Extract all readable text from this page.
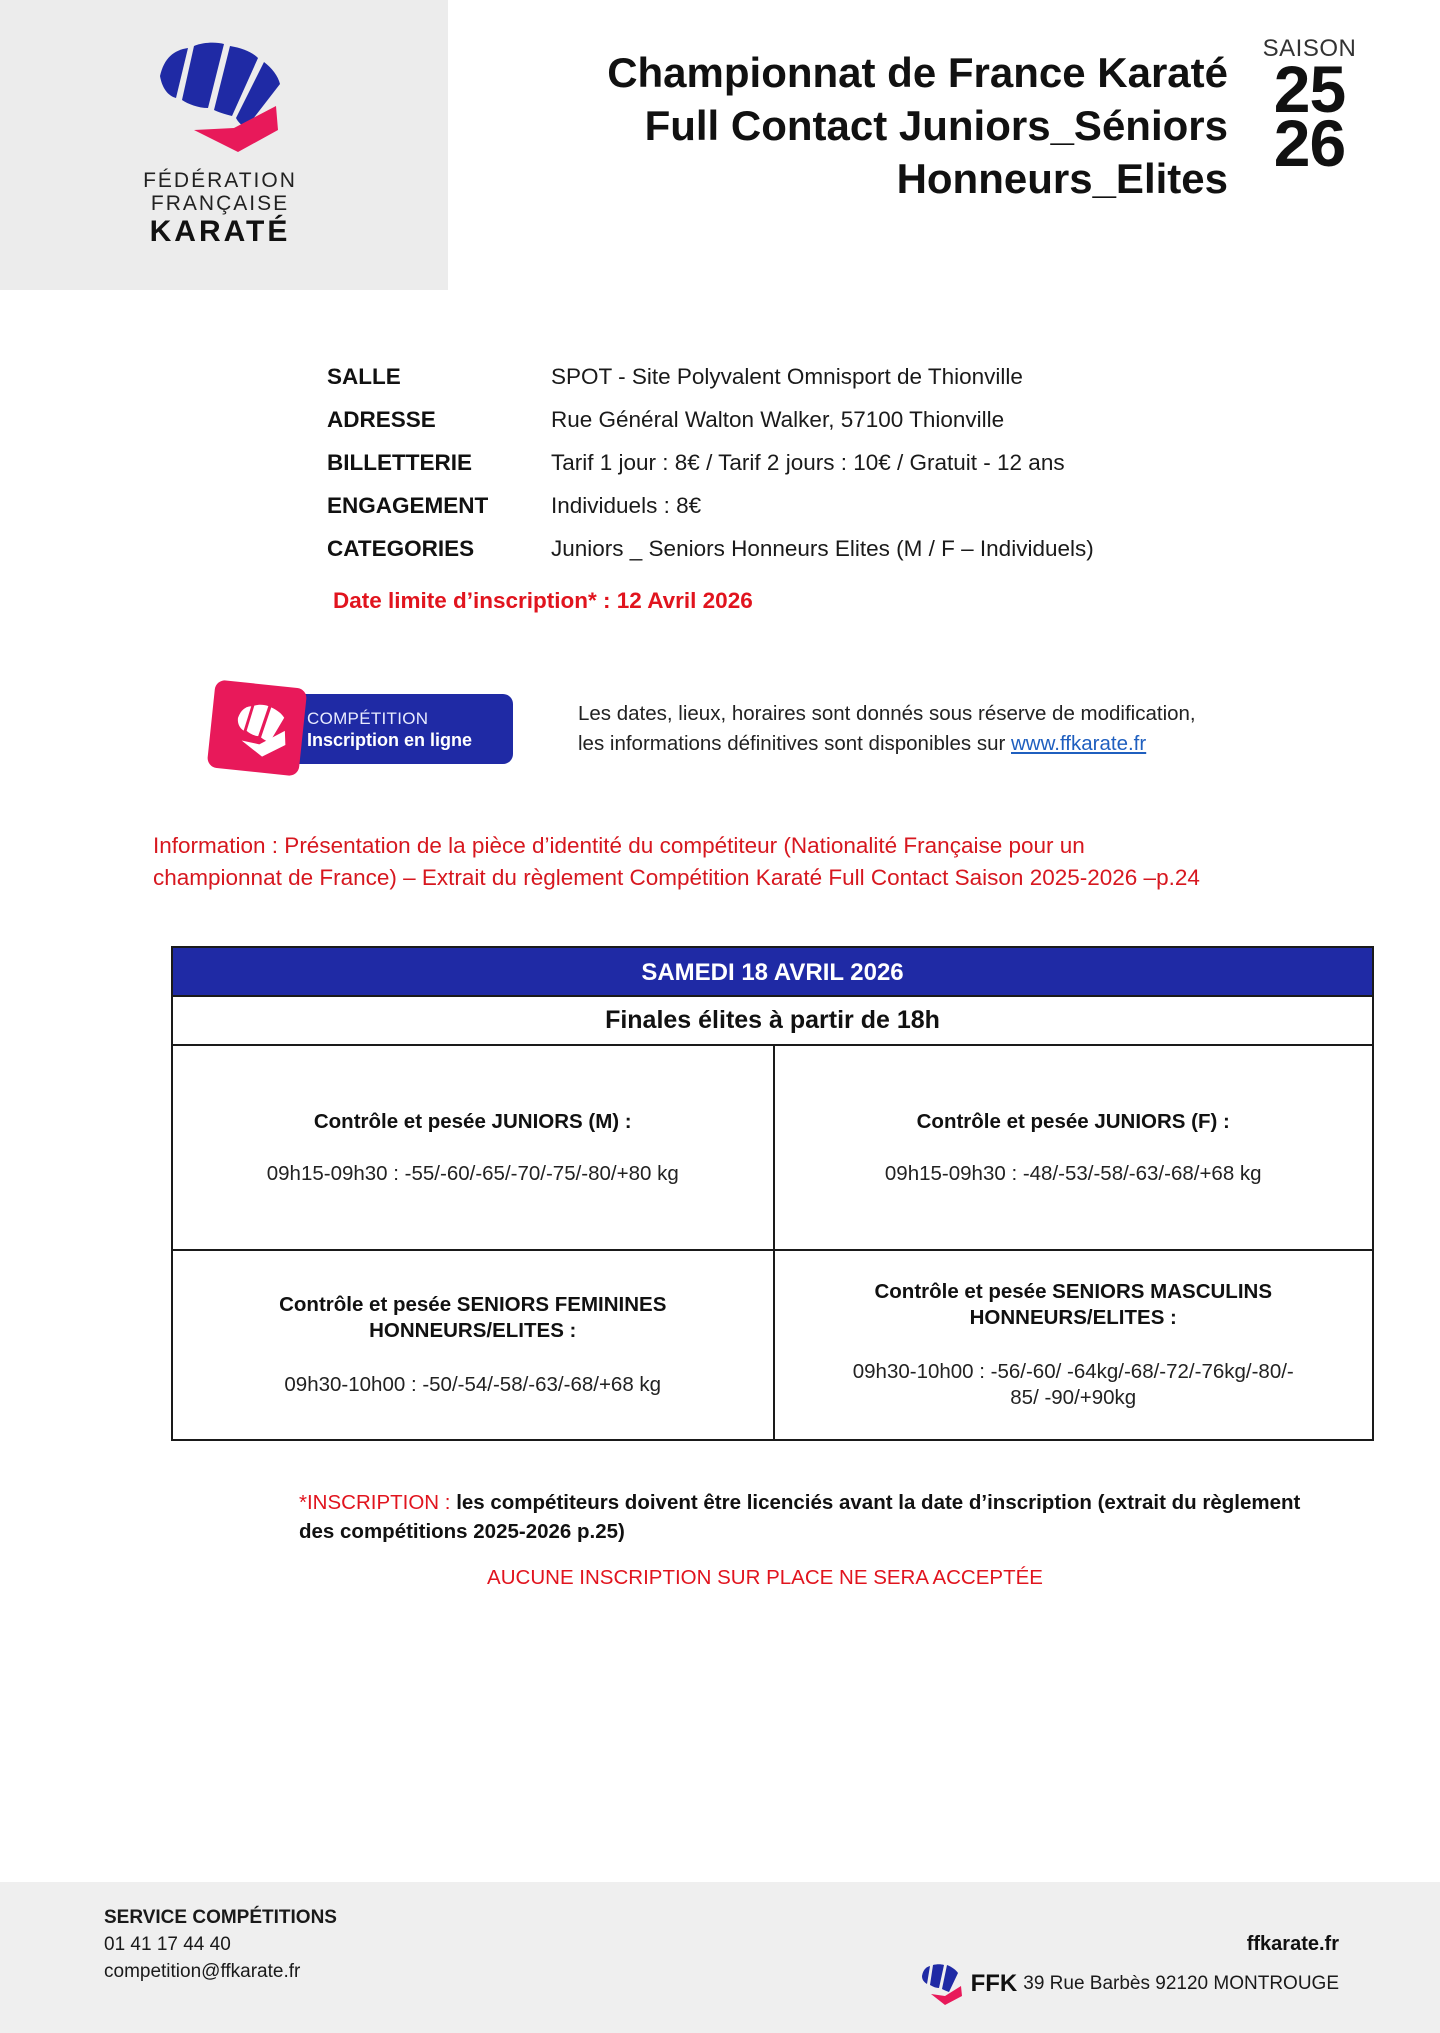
FÉDÉRATION
FRANÇAISE
KARATÉ
Championnat de France Karaté
Full Contact Juniors_Séniors
Honneurs_Elites
SAISON
25
26
SALLE	SPOT - Site Polyvalent Omnisport de Thionville
ADRESSE	Rue Général Walton Walker, 57100 Thionville
BILLETTERIE	Tarif 1 jour : 8€ / Tarif 2 jours : 10€ / Gratuit - 12 ans
ENGAGEMENT	Individuels : 8€
CATEGORIES	Juniors _ Seniors Honneurs Elites (M / F – Individuels)
Date limite d’inscription* : 12 Avril 2026
COMPÉTITION
Inscription en ligne
Les dates, lieux, horaires sont donnés sous réserve de modification,
les informations définitives sont disponibles sur www.ffkarate.fr
Information : Présentation de la pièce d’identité du compétiteur (Nationalité Française pour un
championnat de France) – Extrait du règlement Compétition Karaté Full Contact Saison 2025-2026 –p.24
SAMEDI 18 AVRIL 2026
Finales élites à partir de 18h
Contrôle et pesée JUNIORS (M) :
09h15-09h30 : -55/-60/-65/-70/-75/-80/+80 kg
Contrôle et pesée JUNIORS (F) :
09h15-09h30 : -48/-53/-58/-63/-68/+68 kg
Contrôle et pesée SENIORS FEMININES
HONNEURS/ELITES :
09h30-10h00 : -50/-54/-58/-63/-68/+68 kg
Contrôle et pesée SENIORS MASCULINS
HONNEURS/ELITES :
09h30-10h00 : -56/-60/ -64kg/-68/-72/-76kg/-80/-
85/ -90/+90kg
*INSCRIPTION : les compétiteurs doivent être licenciés avant la date d’inscription (extrait du règlement des compétitions 2025-2026 p.25)
AUCUNE INSCRIPTION SUR PLACE NE SERA ACCEPTÉE
SERVICE COMPÉTITIONS
01 41 17 44 40
competition@ffkarate.fr
ffkarate.fr
FFK 39 Rue Barbès 92120 MONTROUGE
